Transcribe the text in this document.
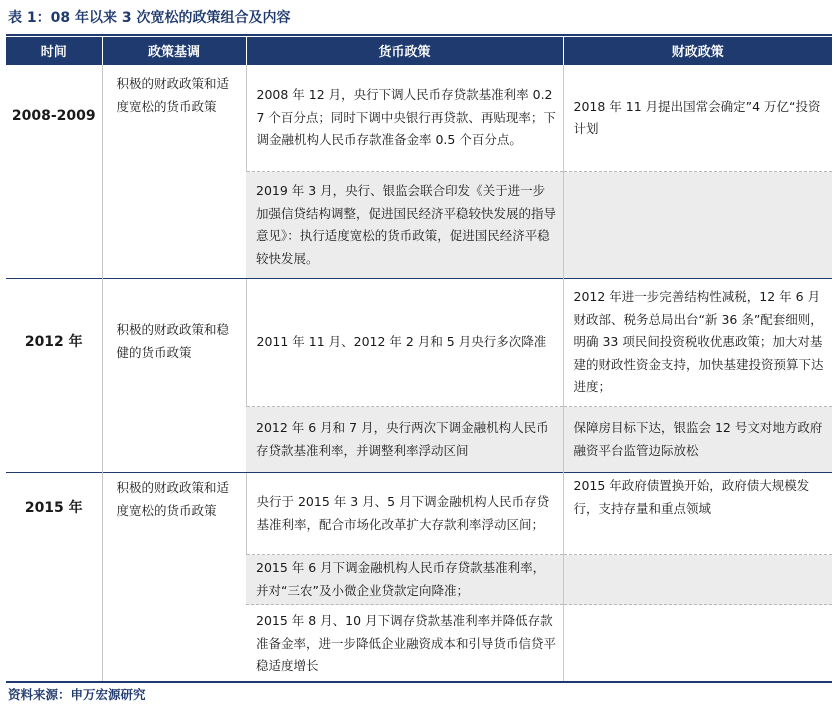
表 1：08 年以来 3 次宽松的政策组合及内容
时间	政策基调	货币政策	财政政策
2008-2009	积极的财政政策和适度宽松的货币政策	2008 年 12 月，央行下调人民币存贷款基准利率 0.27 个百分点；同时下调中央银行再贷款、再贴现率；下调金融机构人民币存款准备金率 0.5 个百分点。	2018 年 11 月提出国常会确定”4 万亿“投资计划
		2019 年 3 月，央行、银监会联合印发《关于进一步加强信贷结构调整，促进国民经济平稳较快发展的指导意见》：执行适度宽松的货币政策，促进国民经济平稳较快发展。	
2012 年	积极的财政政策和稳健的货币政策	2011 年 11 月、2012 年 2 月和 5 月央行多次降准	2012 年进一步完善结构性减税，12 年 6 月财政部、税务总局出台“新 36 条”配套细则，明确 33 项民间投资税收优惠政策；加大对基建的财政性资金支持，加快基建投资预算下达进度；
		2012 年 6 月和 7 月，央行两次下调金融机构人民币存贷款基准利率，并调整利率浮动区间	保障房目标下达，银监会 12 号文对地方政府融资平台监管边际放松
2015 年	积极的财政政策和适度宽松的货币政策	央行于 2015 年 3 月、5 月下调金融机构人民币存贷基准利率，配合市场化改革扩大存款利率浮动区间；	2015 年政府债置换开始，政府债大规模发行，支持存量和重点领域
		2015 年 6 月下调金融机构人民币存贷款基准利率，并对“三农”及小微企业贷款定向降准；	
		2015 年 8 月、10 月下调存贷款基准利率并降低存款准备金率，进一步降低企业融资成本和引导货币信贷平稳适度增长	
资料来源：申万宏源研究
